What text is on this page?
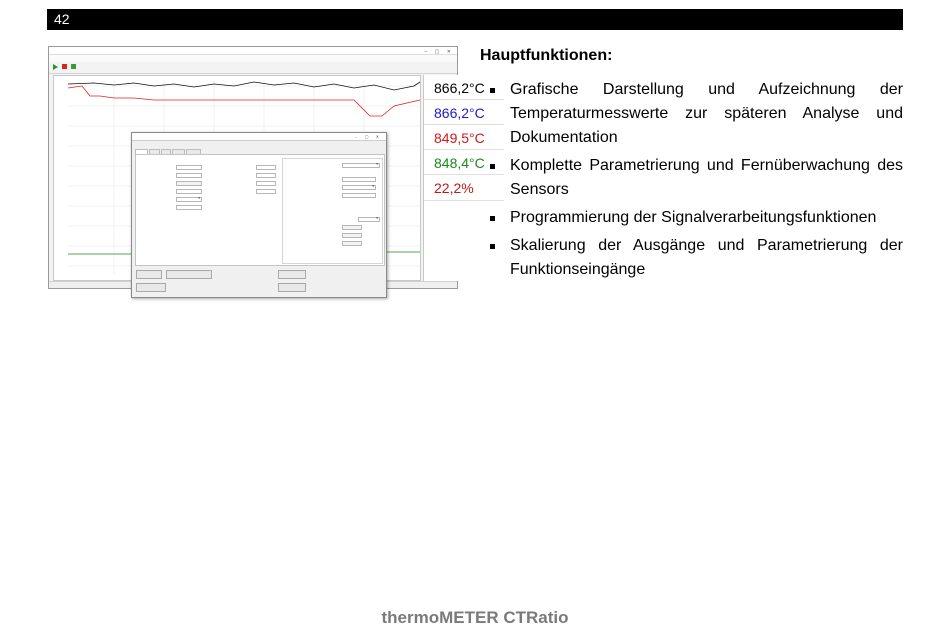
42
– ▢ ✕
866,2°C
866,2°C
849,5°C
848,4°C
22,2%
– ▢ ✕

▾
▾
▾
▾
Hauptfunktionen:
Grafische Darstellung und Aufzeichnung der Temperaturmesswerte zur späteren Analyse und Dokumentation
Komplette Parametrierung und Fernüberwachung des Sensors
Programmierung der Signalverarbeitungsfunktionen
Skalierung der Ausgänge und Parametrierung der Funktionseingänge
thermoMETER CTRatio
